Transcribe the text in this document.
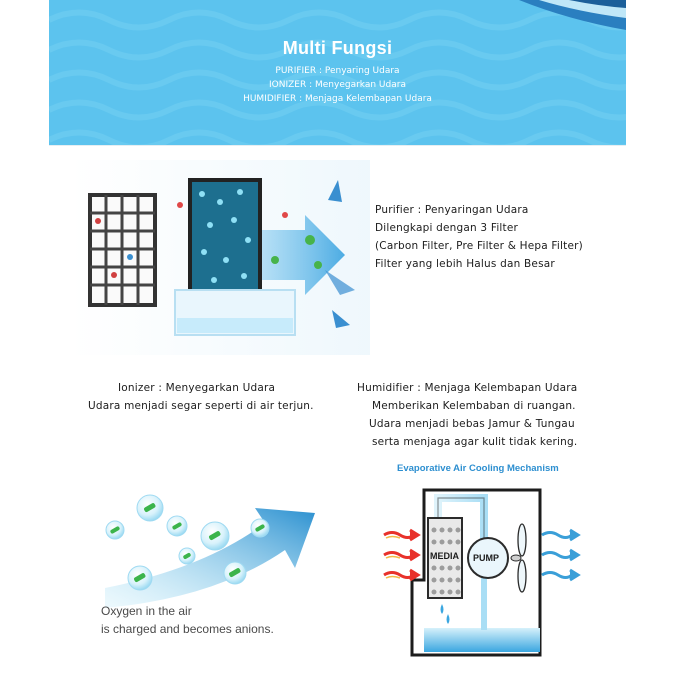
Multi Fungsi
PURIFIER : Penyaring Udara
IONIZER : Menyegarkan Udara
HUMIDIFIER : Menjaga Kelembapan Udara
Purifier : Penyaringan Udara
Dilengkapi dengan 3 Filter
(Carbon Filter, Pre Filter & Hepa Filter)
Filter yang lebih Halus dan Besar
Ionizer : Menyegarkan Udara
Udara menjadi segar seperti di air terjun.
Humidifier : Menjaga Kelembapan Udara
Memberikan Kelembaban di ruangan.
Udara menjadi bebas Jamur & Tungau
serta menjaga agar kulit tidak kering.
Oxygen in the air
is charged and becomes anions.
Evaporative Air Cooling Mechanism
MEDIA PUMP
